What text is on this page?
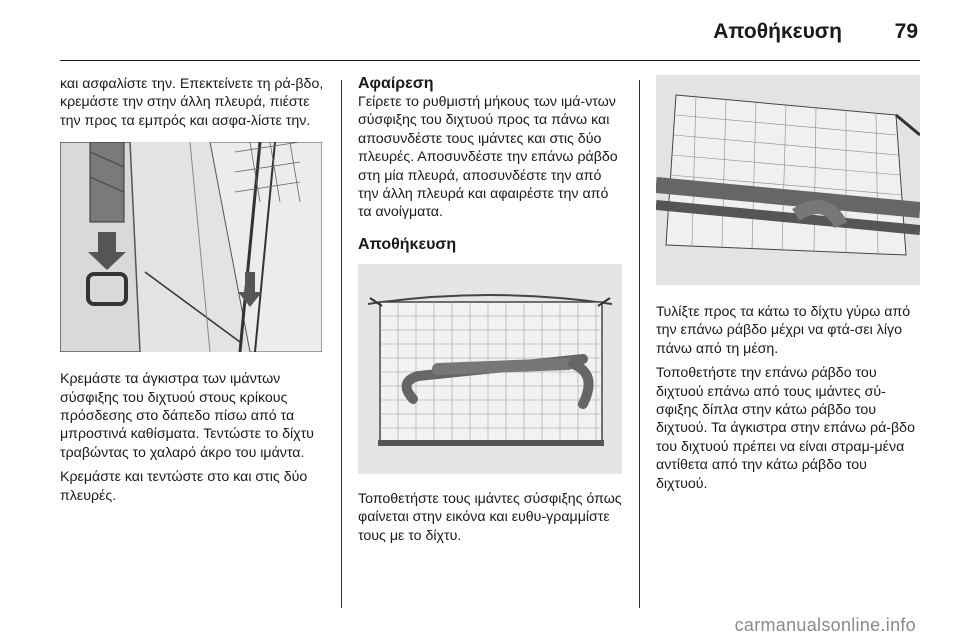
Αποθήκευση	79

και ασφαλίστε την. Επεκτείνετε τη ρά-βδο, κρεμάστε την στην άλλη πλευρά, πιέστε την προς τα εμπρός και ασφα-λίστε την.

Κρεμάστε τα άγκιστρα των ιμάντων σύσφιξης του διχτυού στους κρίκους πρόσδεσης στο δάπεδο πίσω από τα μπροστινά καθίσματα. Τεντώστε το δίχτυ τραβώντας το χαλαρό άκρο του ιμάντα.

Κρεμάστε και τεντώστε στο και στις δύο πλευρές.

Αφαίρεση

Γείρετε το ρυθμιστή μήκους των ιμά-ντων σύσφιξης του διχτυού προς τα πάνω και αποσυνδέστε τους ιμάντες και στις δύο πλευρές. Αποσυνδέστε την επάνω ράβδο στη μία πλευρά, αποσυνδέστε την από την άλλη πλευρά και αφαιρέστε την από τα ανοίγματα.

Αποθήκευση

Τοποθετήστε τους ιμάντες σύσφιξης όπως φαίνεται στην εικόνα και ευθυ-γραμμίστε τους με το δίχτυ.

Τυλίξτε προς τα κάτω το δίχτυ γύρω από την επάνω ράβδο μέχρι να φτά-σει λίγο πάνω από τη μέση.

Τοποθετήστε την επάνω ράβδο του διχτυού επάνω από τους ιμάντες σύ-σφιξης δίπλα στην κάτω ράβδο του διχτυού. Τα άγκιστρα στην επάνω ρά-βδο του διχτυού πρέπει να είναι στραμ-μένα αντίθετα από την κάτω ράβδο του διχτυού.

carmanualsonline.info
